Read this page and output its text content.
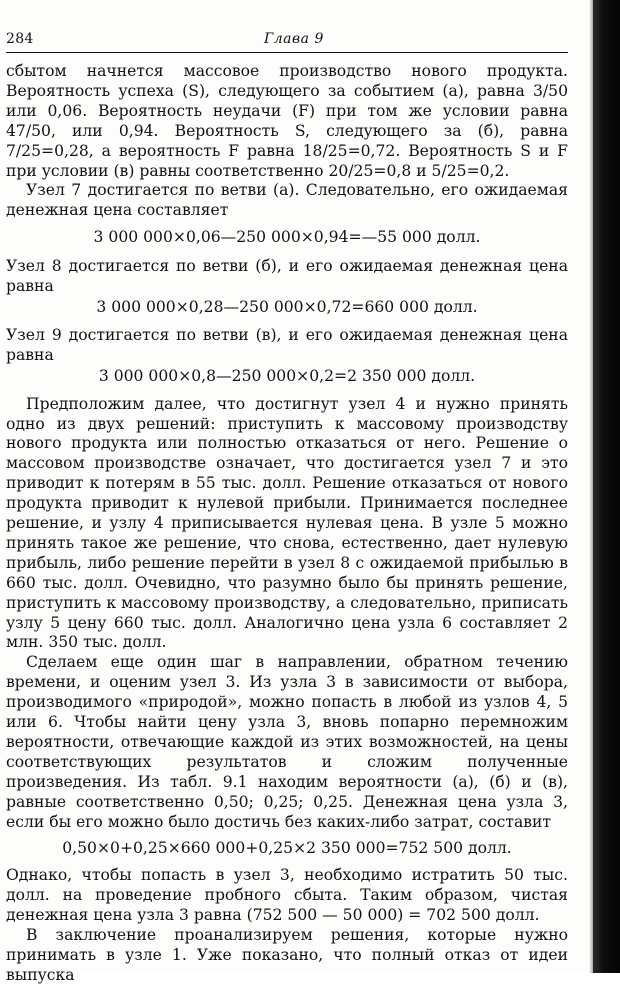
284	Глава 9

сбытом начнется массовое производство нового продукта. Вероятность успеха (S), следующего за событием (а), равна 3/50 или 0,06. Вероятность неудачи (F) при том же условии равна 47/50, или 0,94. Вероятность S, следующего за (б), равна 7/25=0,28, а вероятность F равна 18/25=0,72. Вероятность S и F при условии (в) равны соответственно 20/25=0,8 и 5/25=0,2.

Узел 7 достигается по ветви (а). Следовательно, его ожидаемая денежная цена составляет

3 000 000×0,06—250 000×0,94=—55 000 долл.

Узел 8 достигается по ветви (б), и его ожидаемая денежная цена равна

3 000 000×0,28—250 000×0,72=660 000 долл.

Узел 9 достигается по ветви (в), и его ожидаемая денежная цена равна

3 000 000×0,8—250 000×0,2=2 350 000 долл.

Предположим далее, что достигнут узел 4 и нужно принять одно из двух решений: приступить к массовому производству нового продукта или полностью отказаться от него. Решение о массовом производстве означает, что достигается узел 7 и это приводит к потерям в 55 тыс. долл. Решение отказаться от нового продукта приводит к нулевой прибыли. Принимается последнее решение, и узлу 4 приписывается нулевая цена. В узле 5 можно принять такое же решение, что снова, естественно, дает нулевую прибыль, либо решение перейти в узел 8 с ожидаемой прибылью в 660 тыс. долл. Очевидно, что разумно было бы принять решение, приступить к массовому производству, а следовательно, приписать узлу 5 цену 660 тыс. долл. Аналогично цена узла 6 составляет 2 млн. 350 тыс. долл.

Сделаем еще один шаг в направлении, обратном течению времени, и оценим узел 3. Из узла 3 в зависимости от выбора, производимого «природой», можно попасть в любой из узлов 4, 5 или 6. Чтобы найти цену узла 3, вновь попарно перемножим вероятности, отвечающие каждой из этих возможностей, на цены соответствующих результатов и сложим полученные произведения. Из табл. 9.1 находим вероятности (а), (б) и (в), равные соответственно 0,50; 0,25; 0,25. Денежная цена узла 3, если бы его можно было достичь без каких-либо затрат, составит

0,50×0+0,25×660 000+0,25×2 350 000=752 500 долл.

Однако, чтобы попасть в узел 3, необходимо истратить 50 тыс. долл. на проведение пробного сбыта. Таким образом, чистая денежная цена узла 3 равна (752 500 — 50 000) = 702 500 долл.

В заключение проанализируем решения, которые нужно принимать в узле 1. Уже показано, что полный отказ от идеи выпуска
